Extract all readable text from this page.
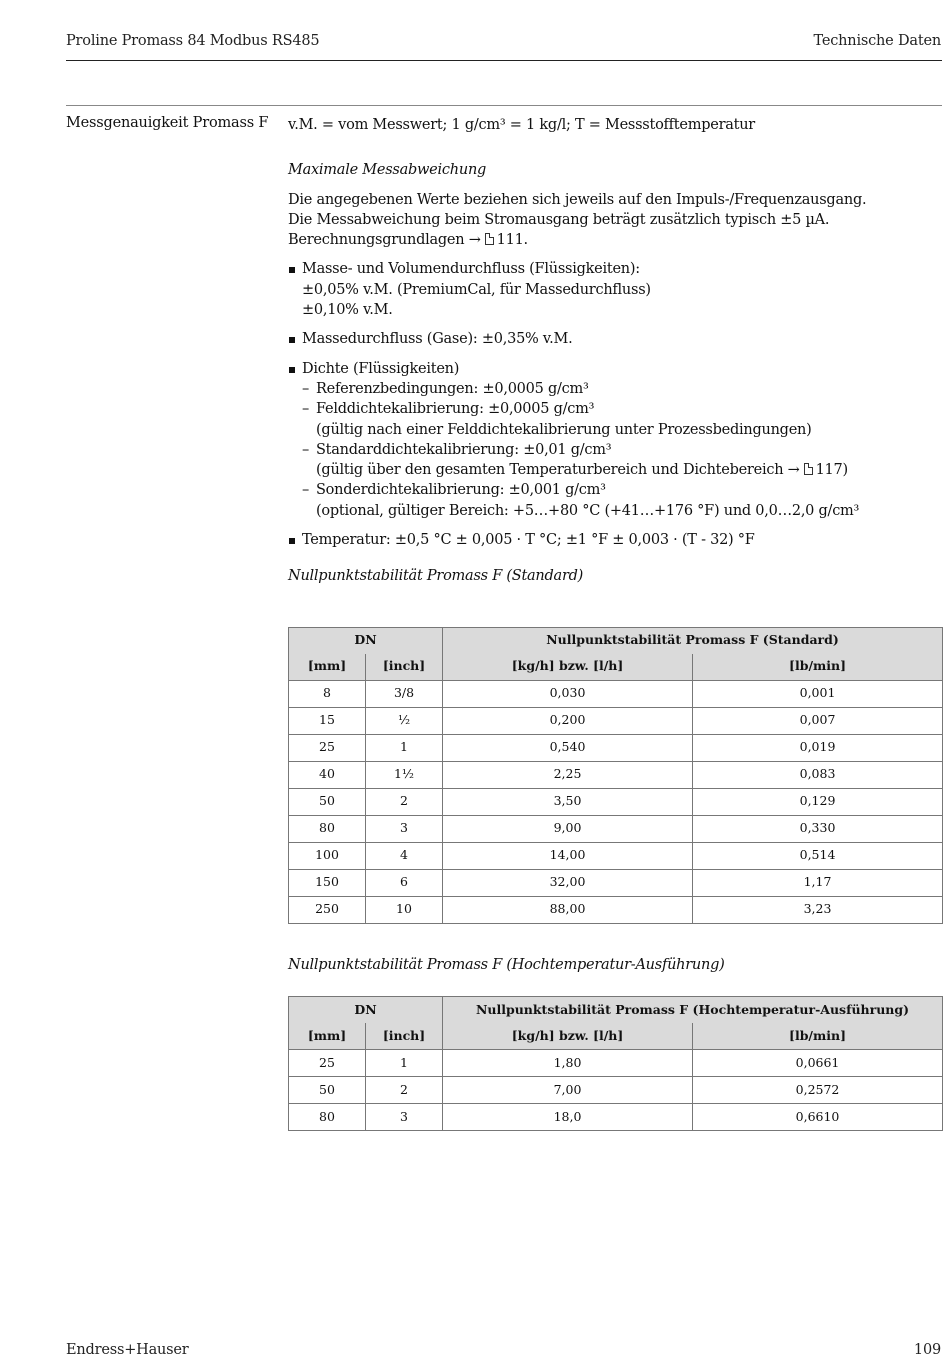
Proline Promass 84 Modbus RS485	Technische Daten
Messgenauigkeit Promass F v.M. = vom Messwert; 1 g/cm³ = 1 kg/l; T = Messstofftemperatur

Maximale Messabweichung

Die angegebenen Werte beziehen sich jeweils auf den Impuls-/Frequenzausgang.
Die Messabweichung beim Stromausgang beträgt zusätzlich typisch ±5 µA.
Berechnungsgrundlagen → 111.

Masse- und Volumendurchfluss (Flüssigkeiten):
±0,05% v.M. (PremiumCal, für Massedurchfluss)
±0,10% v.M.
Massedurchfluss (Gase): ±0,35% v.M.
Dichte (Flüssigkeiten)
– Referenzbedingungen: ±0,0005 g/cm³
– Felddichtekalibrierung: ±0,0005 g/cm³
(gültig nach einer Felddichtekalibrierung unter Prozessbedingungen)
– Standarddichtekalibrierung: ±0,01 g/cm³
(gültig über den gesamten Temperaturbereich und Dichtebereich → 117)
– Sonderdichtekalibrierung: ±0,001 g/cm³
(optional, gültiger Bereich: +5…+80 °C (+41…+176 °F) und 0,0…2,0 g/cm³
Temperatur: ±0,5 °C ± 0,005 · T °C; ±1 °F ± 0,003 · (T - 32) °F

Nullpunktstabilität Promass F (Standard)

DN		Nullpunktstabilität Promass F (Standard)	
[mm]	[inch]	[kg/h] bzw. [l/h]	[lb/min]
8	3/8	0,030	0,001
15	½	0,200	0,007
25	1	0,540	0,019
40	1½	2,25	0,083
50	2	3,50	0,129
80	3	9,00	0,330
100	4	14,00	0,514
150	6	32,00	1,17
250	10	88,00	3,23

Nullpunktstabilität Promass F (Hochtemperatur-Ausführung)

DN		Nullpunktstabilität Promass F (Hochtemperatur-Ausführung)	
[mm]	[inch]	[kg/h] bzw. [l/h]	[lb/min]
25	1	1,80	0,0661
50	2	7,00	0,2572
80	3	18,0	0,6610
Endress+Hauser	109
